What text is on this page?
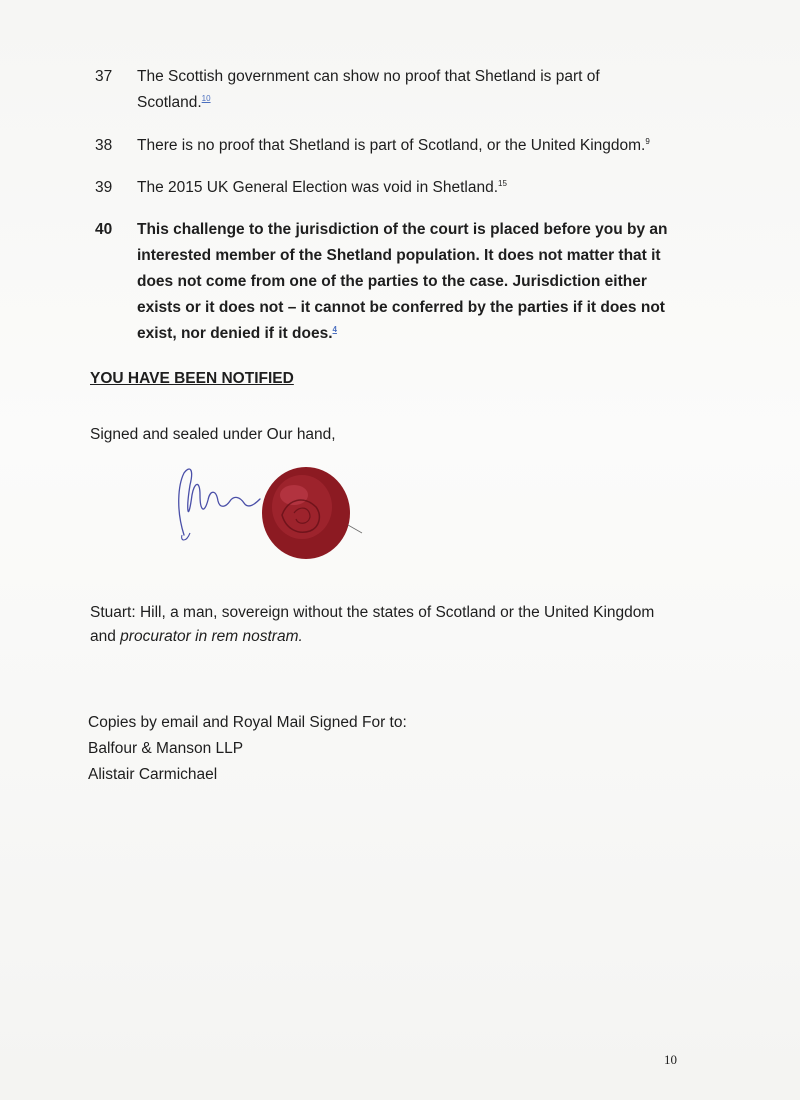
37	The Scottish government can show no proof that Shetland is part of Scotland.$^{10}$
38	There is no proof that Shetland is part of Scotland, or the United Kingdom.$^9$
39	The 2015 UK General Election was void in Shetland.$^{15}$
40	This challenge to the jurisdiction of the court is placed before you by an interested member of the Shetland population. It does not matter that it does not come from one of the parties to the case. Jurisdiction either exists or it does not – it cannot be conferred by the parties if it does not exist, nor denied if it does.$^4$
YOU HAVE BEEN NOTIFIED
Signed and sealed under Our hand,
Stuart: Hill, a man, sovereign without the states of Scotland or the United Kingdom
and procurator in rem nostram.
Copies by email and Royal Mail Signed For to:
Balfour & Manson LLP
Alistair Carmichael
10
